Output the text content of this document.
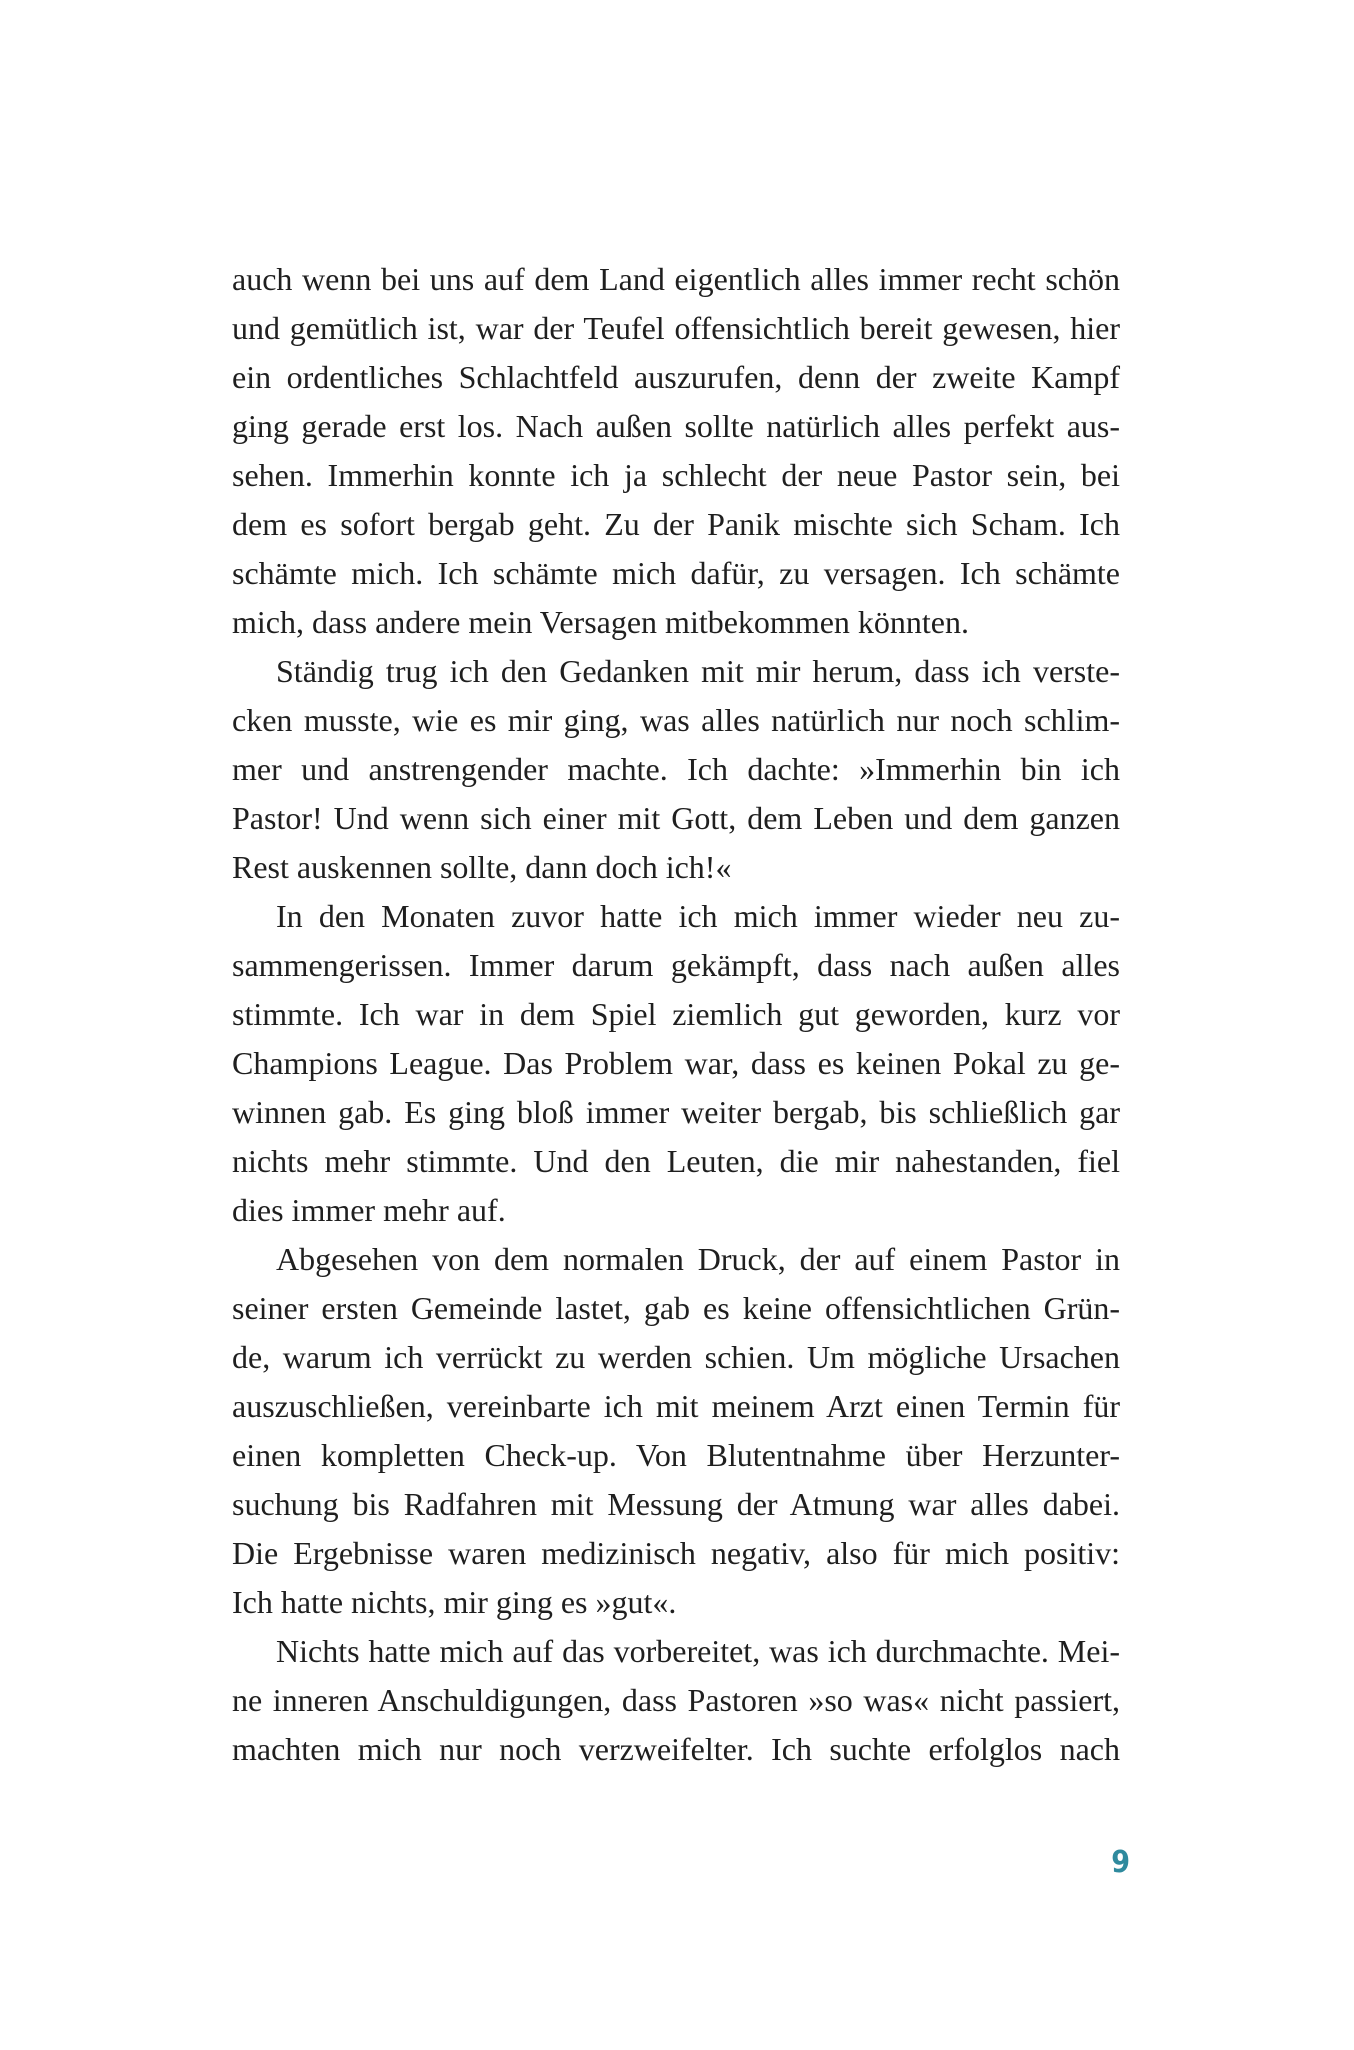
auch wenn bei uns auf dem Land eigentlich alles immer recht schön
und gemütlich ist, war der Teufel offensichtlich bereit gewesen, hier
ein ordentliches Schlachtfeld auszurufen, denn der zweite Kampf
ging gerade erst los. Nach außen sollte natürlich alles perfekt aus-
sehen. Immerhin konnte ich ja schlecht der neue Pastor sein, bei
dem es sofort bergab geht. Zu der Panik mischte sich Scham. Ich
schämte mich. Ich schämte mich dafür, zu versagen. Ich schämte
mich, dass andere mein Versagen mitbekommen könnten.
Ständig trug ich den Gedanken mit mir herum, dass ich verste-
cken musste, wie es mir ging, was alles natürlich nur noch schlim-
mer und anstrengender machte. Ich dachte: »Immerhin bin ich
Pastor! Und wenn sich einer mit Gott, dem Leben und dem ganzen
Rest auskennen sollte, dann doch ich!«
In den Monaten zuvor hatte ich mich immer wieder neu zu-
sammengerissen. Immer darum gekämpft, dass nach außen alles
stimmte. Ich war in dem Spiel ziemlich gut geworden, kurz vor
Champions League. Das Problem war, dass es keinen Pokal zu ge-
winnen gab. Es ging bloß immer weiter bergab, bis schließlich gar
nichts mehr stimmte. Und den Leuten, die mir nahestanden, fiel
dies immer mehr auf.
Abgesehen von dem normalen Druck, der auf einem Pastor in
seiner ersten Gemeinde lastet, gab es keine offensichtlichen Grün-
de, warum ich verrückt zu werden schien. Um mögliche Ursachen
auszuschließen, vereinbarte ich mit meinem Arzt einen Termin für
einen kompletten Check-up. Von Blutentnahme über Herzunter-
suchung bis Radfahren mit Messung der Atmung war alles dabei.
Die Ergebnisse waren medizinisch negativ, also für mich positiv:
Ich hatte nichts, mir ging es »gut«.
Nichts hatte mich auf das vorbereitet, was ich durchmachte. Mei-
ne inneren Anschuldigungen, dass Pastoren »so was« nicht passiert,
machten mich nur noch verzweifelter. Ich suchte erfolglos nach
9
